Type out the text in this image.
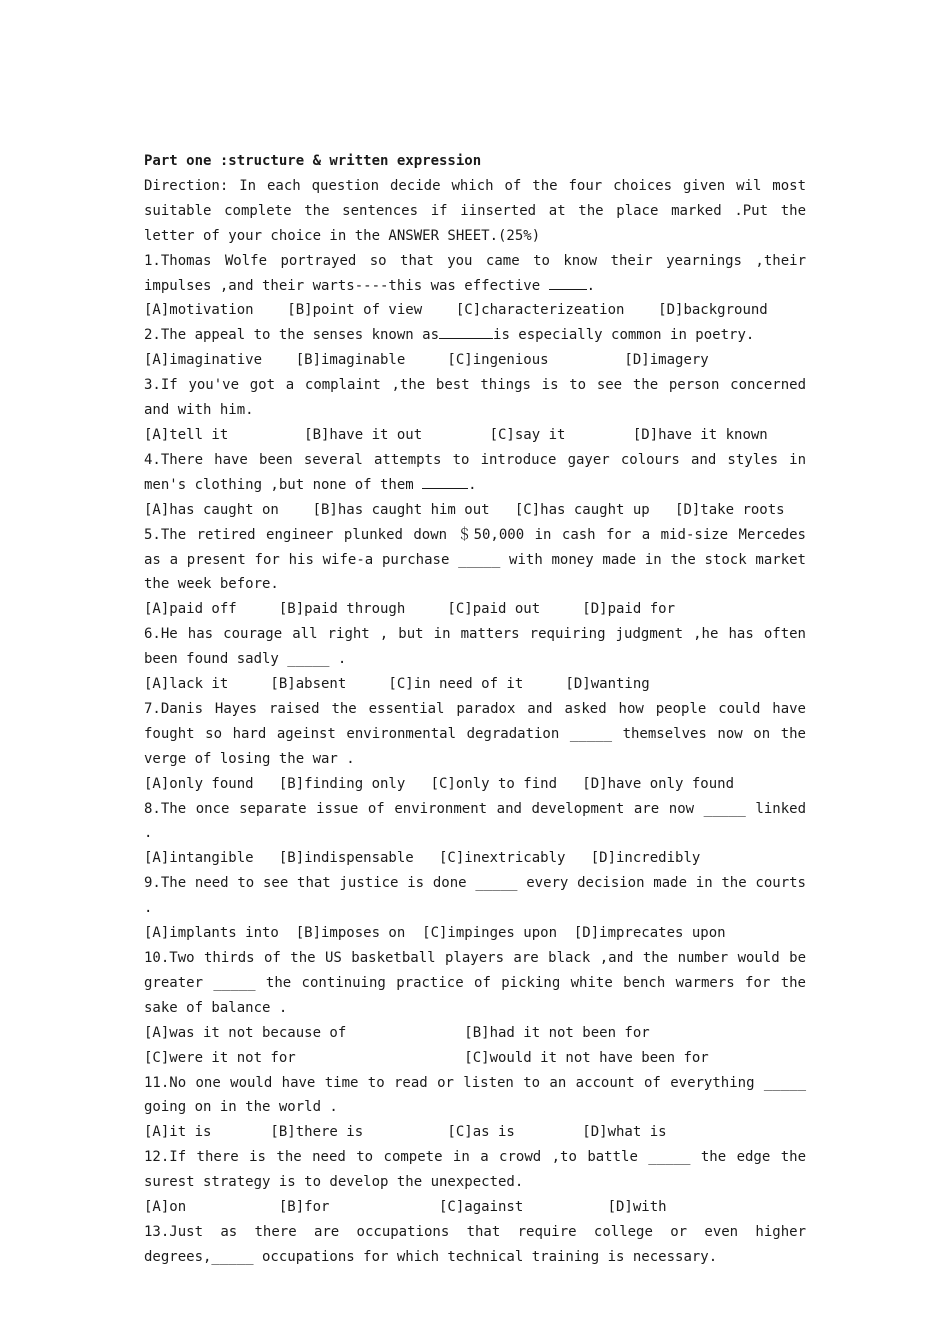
Part one :structure & written expression

Direction: In each question decide which of the four choices given wil most suitable complete the sentences if iinserted at the place marked .Put the letter of your choice in the ANSWER SHEET.(25%)

1.Thomas Wolfe portrayed so that you came to know their yearnings ,their impulses ,and their warts----this was effective	.

[A]motivation    [B]point of view    [C]characterizeation    [D]background

2.The appeal to the senses known as	is especially common in poetry.

[A]imaginative    [B]imaginable     [C]ingenious         [D]imagery

3.If you've got a complaint ,the best things is to see the person concerned and with him.

[A]tell it         [B]have it out        [C]say it        [D]have it known

4.There have been several attempts to introduce gayer colours and styles in men's clothing ,but none of them	.

[A]has caught on    [B]has caught him out   [C]has caught up   [D]take roots

5.The retired engineer plunked down ＄50,000 in cash for a mid-size Mercedes as a present for his wife-a purchase _____ with money made in the stock market the week before.

[A]paid off     [B]paid through     [C]paid out     [D]paid for

6.He has courage all right , but in matters requiring judgment ,he has often been found sadly _____ .

[A]lack it     [B]absent     [C]in need of it     [D]wanting

7.Danis Hayes raised the essential paradox and asked how people could have fought so hard ageinst environmental degradation _____ themselves now on the verge of losing the war .

[A]only found   [B]finding only   [C]only to find   [D]have only found

8.The once separate issue of environment and development are now _____ linked .

[A]intangible   [B]indispensable   [C]inextricably   [D]incredibly

9.The need to see that justice is done _____ every decision made in the courts .

[A]implants into  [B]imposes on  [C]impinges upon  [D]imprecates upon

10.Two thirds of the US basketball players are black ,and the number would be greater _____ the continuing practice of picking white bench warmers for the sake of balance .

[A]was it not because of              [B]had it not been for

[C]were it not for                    [C]would it not have been for

11.No one would have time to read or listen to an account of everything _____ going on in the world .

[A]it is       [B]there is          [C]as is        [D]what is

12.If there is the need to compete in a crowd ,to battle _____ the edge the surest strategy is to develop the unexpected.

[A]on           [B]for             [C]against          [D]with

13.Just as there are occupations that require college or even higher degrees,_____ occupations for which technical training is necessary.
